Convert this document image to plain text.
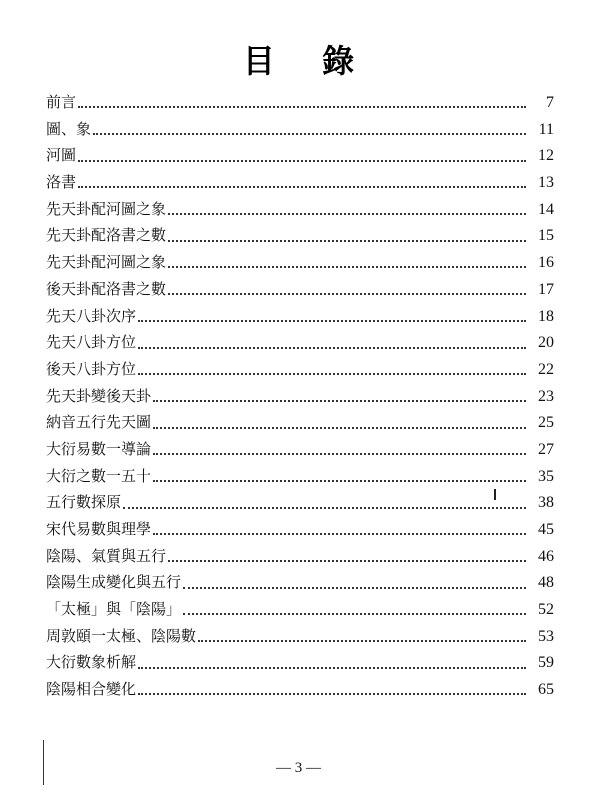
目 錄
前言	7
圖、象	11
河圖	12
洛書	13
先天卦配河圖之象	14
先天卦配洛書之數	15
先天卦配河圖之象	16
後天卦配洛書之數	17
先天八卦次序	18
先天八卦方位	20
後天八卦方位	22
先天卦變後天卦	23
納音五行先天圖	25
大衍易數一導論	27
大衍之數一五十	35
五行數探原	38
宋代易數與理學	45
陰陽、氣質與五行	46
陰陽生成變化與五行	48
「太極」與「陰陽」	52
周敦頤一太極、陰陽數	53
大衍數象析解	59
陰陽相合變化	65
— 3 —
